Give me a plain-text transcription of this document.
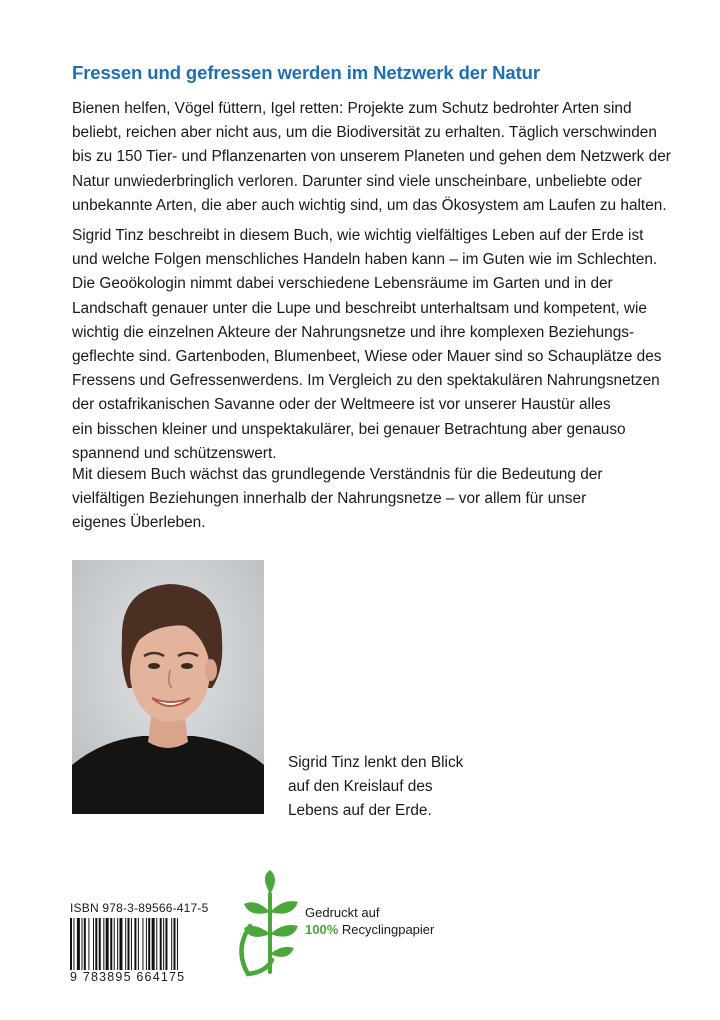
Fressen und gefressen werden im Netzwerk der Natur

Bienen helfen, Vögel füttern, Igel retten: Projekte zum Schutz bedrohter Arten sind
beliebt, reichen aber nicht aus, um die Biodiversität zu erhalten. Täglich verschwinden
bis zu 150 Tier- und Pflanzenarten von unserem Planeten und gehen dem Netzwerk der
Natur unwiederbringlich verloren. Darunter sind viele unscheinbare, unbeliebte oder
unbekannte Arten, die aber auch wichtig sind, um das Ökosystem am Laufen zu halten.

Sigrid Tinz beschreibt in diesem Buch, wie wichtig vielfältiges Leben auf der Erde ist
und welche Folgen menschliches Handeln haben kann – im Guten wie im Schlechten.
Die Geoökologin nimmt dabei verschiedene Lebensräume im Garten und in der
Landschaft genauer unter die Lupe und beschreibt unterhaltsam und kompetent, wie
wichtig die einzelnen Akteure der Nahrungsnetze und ihre komplexen Beziehungs-
geflechte sind. Gartenboden, Blumenbeet, Wiese oder Mauer sind so Schauplätze des
Fressens und Gefressenwerdens. Im Vergleich zu den spektakulären Nahrungsnetzen
der ostafrikanischen Savanne oder der Weltmeere ist vor unserer Haustür alles
ein bisschen kleiner und unspektakulärer, bei genauer Betrachtung aber genauso
spannend und schützenswert.

Mit diesem Buch wächst das grundlegende Verständnis für die Bedeutung der
vielfältigen Beziehungen innerhalb der Nahrungsnetze – vor allem für unser
eigenes Überleben.

Sigrid Tinz lenkt den Blick
auf den Kreislauf des
Lebens auf der Erde.
ISBN 978-3-89566-417-5
9 783895 664175
Gedruckt auf
100% Recyclingpapier
